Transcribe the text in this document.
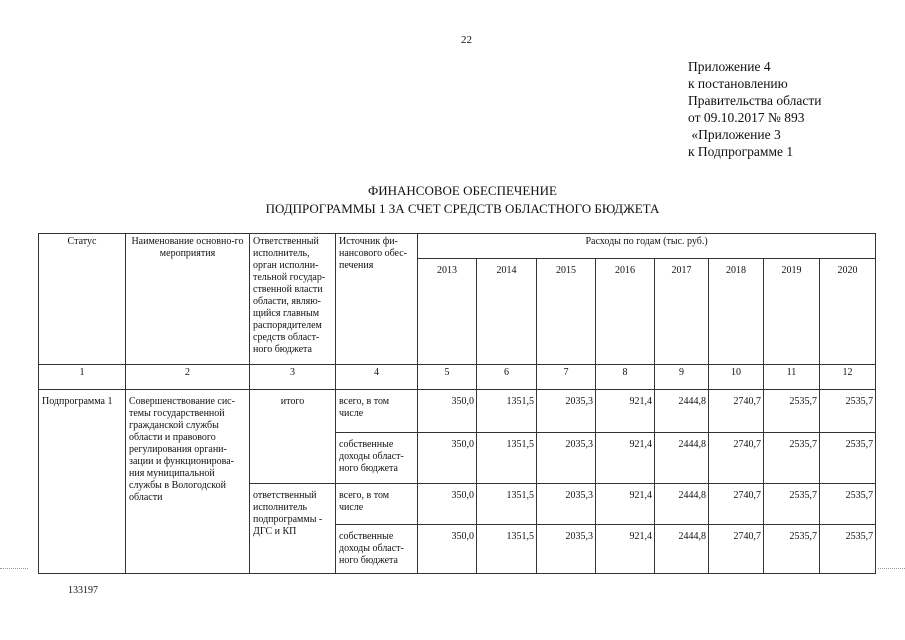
22
Приложение 4
к постановлению
Правительства области
от 09.10.2017 № 893
«Приложение 3
к Подпрограмме 1
ФИНАНСОВОЕ ОБЕСПЕЧЕНИЕ
ПОДПРОГРАММЫ 1 ЗА СЧЕТ СРЕДСТВ ОБЛАСТНОГО БЮДЖЕТА
Статус	Наименование основно-го мероприятия	Ответственный исполнитель, орган исполни-тельной государ-ственной власти области, являю-щийся главным распорядителем средств област-ного бюджета	Источник фи-нансового обес-печения	Расходы по годам (тыс. руб.)							
				2013	2014	2015	2016	2017	2018	2019	2020
1	2	3	4	5	6	7	8	9	10	11	12
Подпрограмма 1	Совершенствование сис-темы государственной гражданской службы области и правового регулирования органи-зации и функционирова-ния муниципальной службы в Вологодской области	итого	всего, в том числе	350,0	1351,5	2035,3	921,4	2444,8	2740,7	2535,7	2535,7
			собственные доходы област-ного бюджета	350,0	1351,5	2035,3	921,4	2444,8	2740,7	2535,7	2535,7
		ответственный исполнитель подпрограммы - ДГС и КП	всего, в том числе	350,0	1351,5	2035,3	921,4	2444,8	2740,7	2535,7	2535,7
			собственные доходы област-ного бюджета	350,0	1351,5	2035,3	921,4	2444,8	2740,7	2535,7	2535,7
133197
